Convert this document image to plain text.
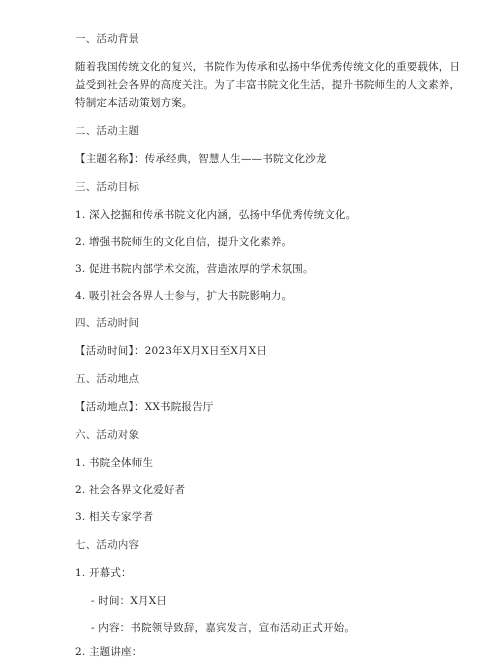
一、活动背景
随着我国传统文化的复兴，书院作为传承和弘扬中华优秀传统文化的重要载体，日
益受到社会各界的高度关注。为了丰富书院文化生活，提升书院师生的人文素养，
特制定本活动策划方案。
二、活动主题
【主题名称】：传承经典，智慧人生——书院文化沙龙
三、活动目标
1. 深入挖掘和传承书院文化内涵，弘扬中华优秀传统文化。
2. 增强书院师生的文化自信，提升文化素养。
3. 促进书院内部学术交流，营造浓厚的学术氛围。
4. 吸引社会各界人士参与，扩大书院影响力。
四、活动时间
【活动时间】：2023年X月X日至X月X日
五、活动地点
【活动地点】：XX书院报告厅
六、活动对象
1. 书院全体师生
2. 社会各界文化爱好者
3. 相关专家学者
七、活动内容
1. 开幕式：
- 时间：X月X日
- 内容：书院领导致辞，嘉宾发言，宣布活动正式开始。
2. 主题讲座：
